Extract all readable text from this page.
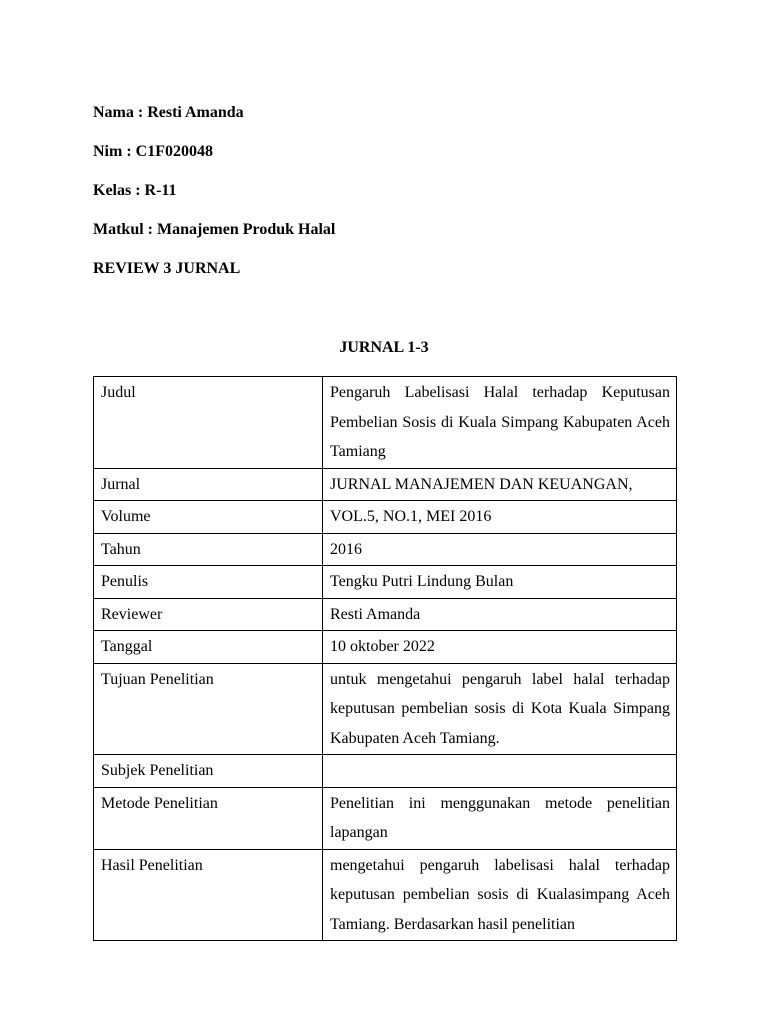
Nama : Resti Amanda
Nim : C1F020048
Kelas : R-11
Matkul : Manajemen Produk Halal
REVIEW 3 JURNAL
JURNAL 1-3
Judul	Pengaruh Labelisasi Halal terhadap Keputusan Pembelian Sosis di Kuala Simpang Kabupaten Aceh Tamiang
Jurnal	JURNAL MANAJEMEN DAN KEUANGAN,
Volume	VOL.5, NO.1, MEI 2016
Tahun	2016
Penulis	Tengku Putri Lindung Bulan
Reviewer	Resti Amanda
Tanggal	10 oktober 2022
Tujuan Penelitian	untuk mengetahui pengaruh label halal terhadap keputusan pembelian sosis di Kota Kuala Simpang Kabupaten Aceh Tamiang.
Subjek Penelitian	
Metode Penelitian	Penelitian ini menggunakan metode penelitian lapangan
Hasil Penelitian	mengetahui pengaruh labelisasi halal terhadap keputusan pembelian sosis di Kualasimpang Aceh Tamiang. Berdasarkan hasil penelitian
